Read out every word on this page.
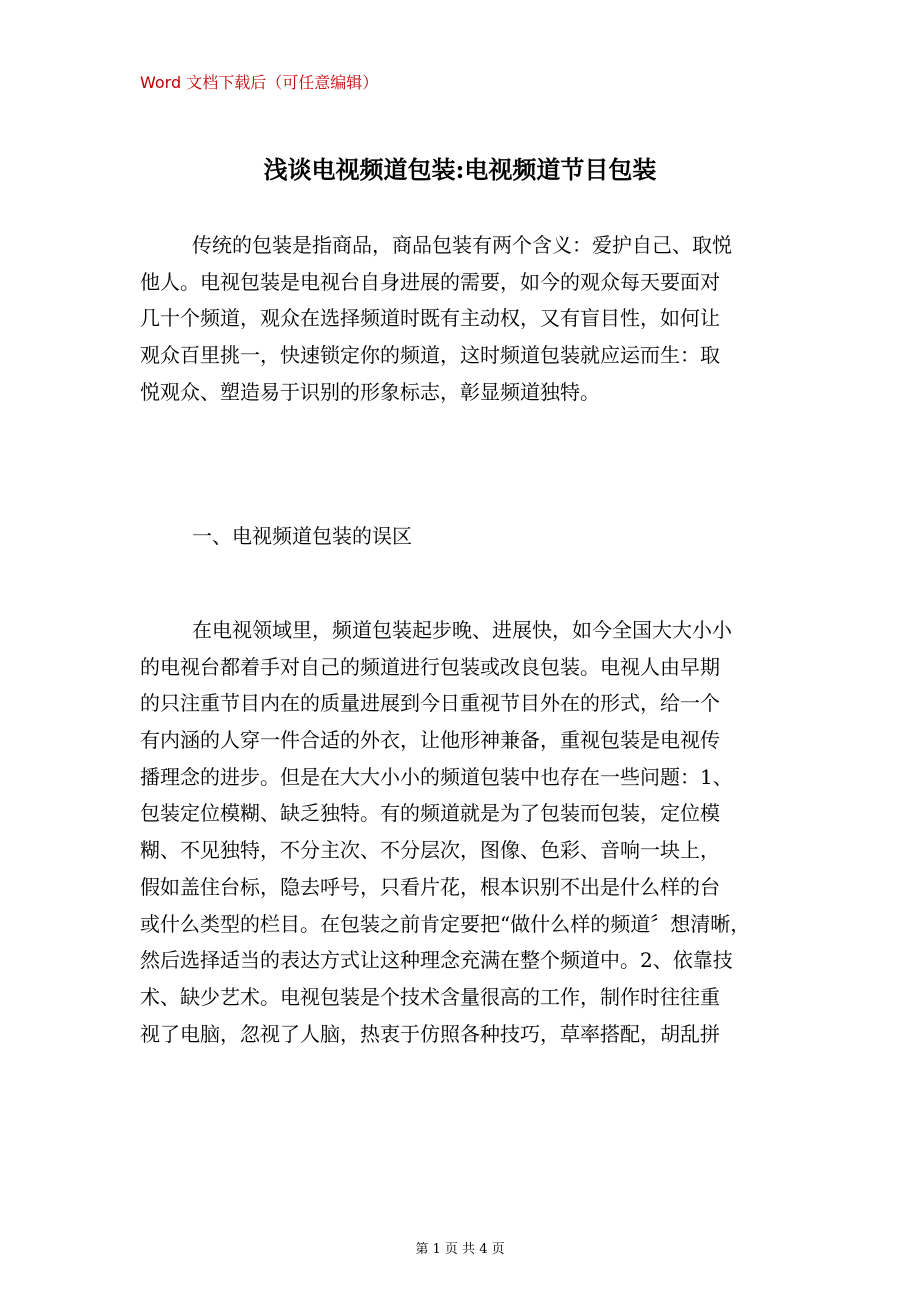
Word 文档下载后（可任意编辑）
浅谈电视频道包装:电视频道节目包装
传统的包装是指商品，商品包装有两个含义：爱护自己、取悦
他人。电视包装是电视台自身进展的需要，如今的观众每天要面对
几十个频道，观众在选择频道时既有主动权，又有盲目性，如何让
观众百里挑一，快速锁定你的频道，这时频道包装就应运而生：取
悦观众、塑造易于识别的形象标志，彰显频道独特。
一、电视频道包装的误区
在电视领域里，频道包装起步晚、进展快，如今全国大大小小
的电视台都着手对自己的频道进行包装或改良包装。电视人由早期
的只注重节目内在的质量进展到今日重视节目外在的形式，给一个
有内涵的人穿一件合适的外衣，让他形神兼备，重视包装是电视传
播理念的进步。但是在大大小小的频道包装中也存在一些问题：1、
包装定位模糊、缺乏独特。有的频道就是为了包装而包装，定位模
糊、不见独特，不分主次、不分层次，图像、色彩、音响一块上，
假如盖住台标，隐去呼号，只看片花，根本识别不出是什么样的台
或什么类型的栏目。在包装之前肯定要把“做什么样的频道〞想清晰，
然后选择适当的表达方式让这种理念充满在整个频道中。2、依靠技
术、缺少艺术。电视包装是个技术含量很高的工作，制作时往往重
视了电脑，忽视了人脑，热衷于仿照各种技巧，草率搭配，胡乱拼
第 1 页 共 4 页
